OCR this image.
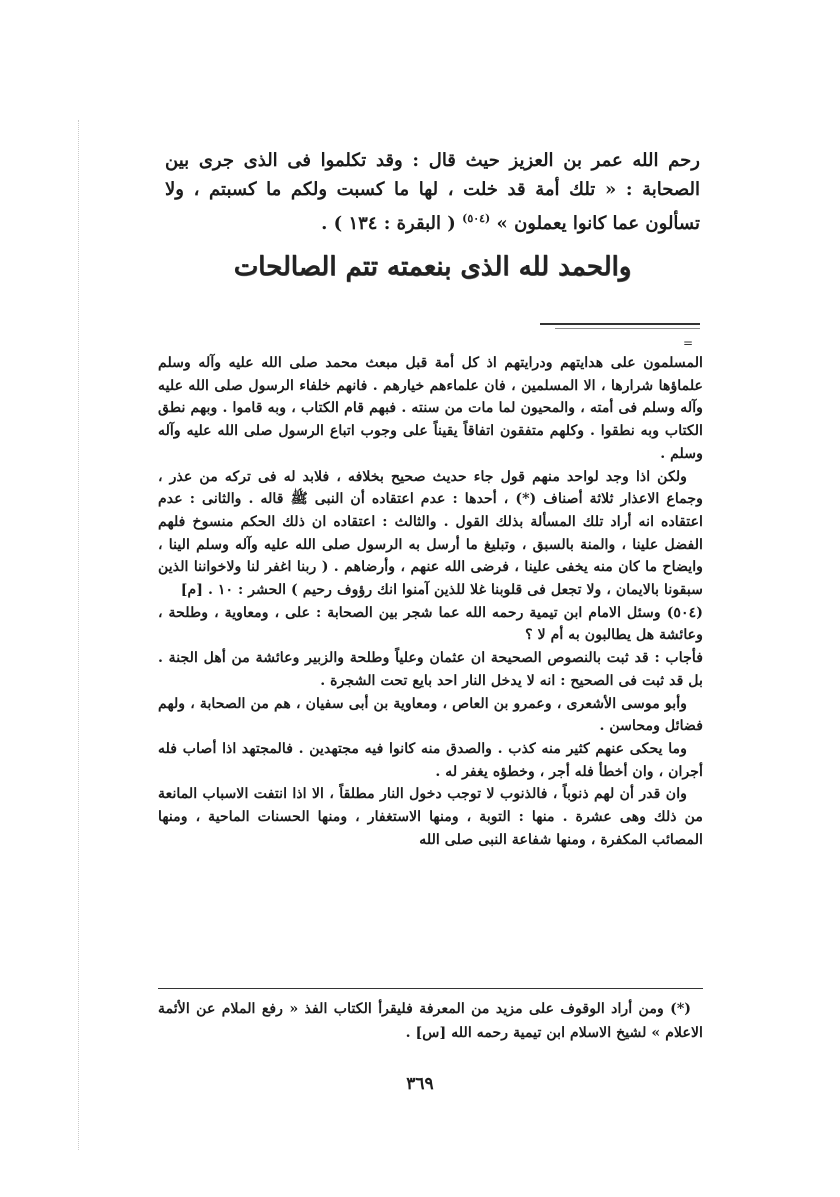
رحم الله عمر بن العزيز حيث قال : وقد تكلموا فى الذى جرى بين الصحابة : « تلك أمة قد خلت ، لها ما كسبت ولكم ما كسبتم ، ولا تسألون عما كانوا يعملون » $^{(٥٠٤)}$ ( البقرة : ١٣٤ ) .

والحمد لله الذى بنعمته تتم الصالحات
=

المسلمون على هدايتهم ودرايتهم اذ كل أمة قبل مبعث محمد صلى الله عليه وآله وسلم علماؤها شرارها ، الا المسلمين ، فان علماءهم خيارهم . فانهم خلفاء الرسول صلى الله عليه وآله وسلم فى أمته ، والمحيون لما مات من سنته . فبهم قام الكتاب ، وبه قاموا . وبهم نطق الكتاب وبه نطقوا . وكلهم متفقون اتفاقاً يقيناً على وجوب اتباع الرسول صلى الله عليه وآله وسلم .

ولكن اذا وجد لواحد منهم قول جاء حديث صحيح بخلافه ، فلابد له فى تركه من عذر ، وجماع الاعذار ثلاثة أصناف (*) ، أحدها : عدم اعتقاده أن النبى ﷺ قاله . والثانى : عدم اعتقاده انه أراد تلك المسألة بذلك القول . والثالث : اعتقاده ان ذلك الحكم منسوخ فلهم الفضل علينا ، والمنة بالسبق ، وتبليغ ما أرسل به الرسول صلى الله عليه وآله وسلم الينا ، وايضاح ما كان منه يخفى علينا ، فرضى الله عنهم ، وأرضاهم . ( ربنا اغفر لنا ولاخواننا الذين سبقونا بالايمان ، ولا تجعل فى قلوبنا غلا للذين آمنوا انك رؤوف رحيم ) الحشر : ١٠ . [م]

(٥٠٤) وسئل الامام ابن تيمية رحمه الله عما شجر بين الصحابة : على ، ومعاوية ، وطلحة ، وعائشة هل يطالبون به أم لا ؟

فأجاب : قد ثبت بالنصوص الصحيحة ان عثمان وعلياً وطلحة والزبير وعائشة من أهل الجنة . بل قد ثبت فى الصحيح : انه لا يدخل النار احد بايع تحت الشجرة .

وأبو موسى الأشعرى ، وعمرو بن العاص ، ومعاوية بن أبى سفيان ، هم من الصحابة ، ولهم فضائل ومحاسن .

وما يحكى عنهم كثير منه كذب . والصدق منه كانوا فيه مجتهدين . فالمجتهد اذا أصاب فله أجران ، وان أخطأ فله أجر ، وخطؤه يغفر له .

وان قدر أن لهم ذنوباً ، فالذنوب لا توجب دخول النار مطلقاً ، الا اذا انتفت الاسباب المانعة من ذلك وهى عشرة . منها : التوبة ، ومنها الاستغفار ، ومنها الحسنات الماحية ، ومنها المصائب المكفرة ، ومنها شفاعة النبى صلى الله

(*) ومن أراد الوقوف على مزيد من المعرفة فليقرأ الكتاب الفذ « رفع الملام عن الأئمة الاعلام » لشيخ الاسلام ابن تيمية رحمه الله [س] .

٣٦٩
